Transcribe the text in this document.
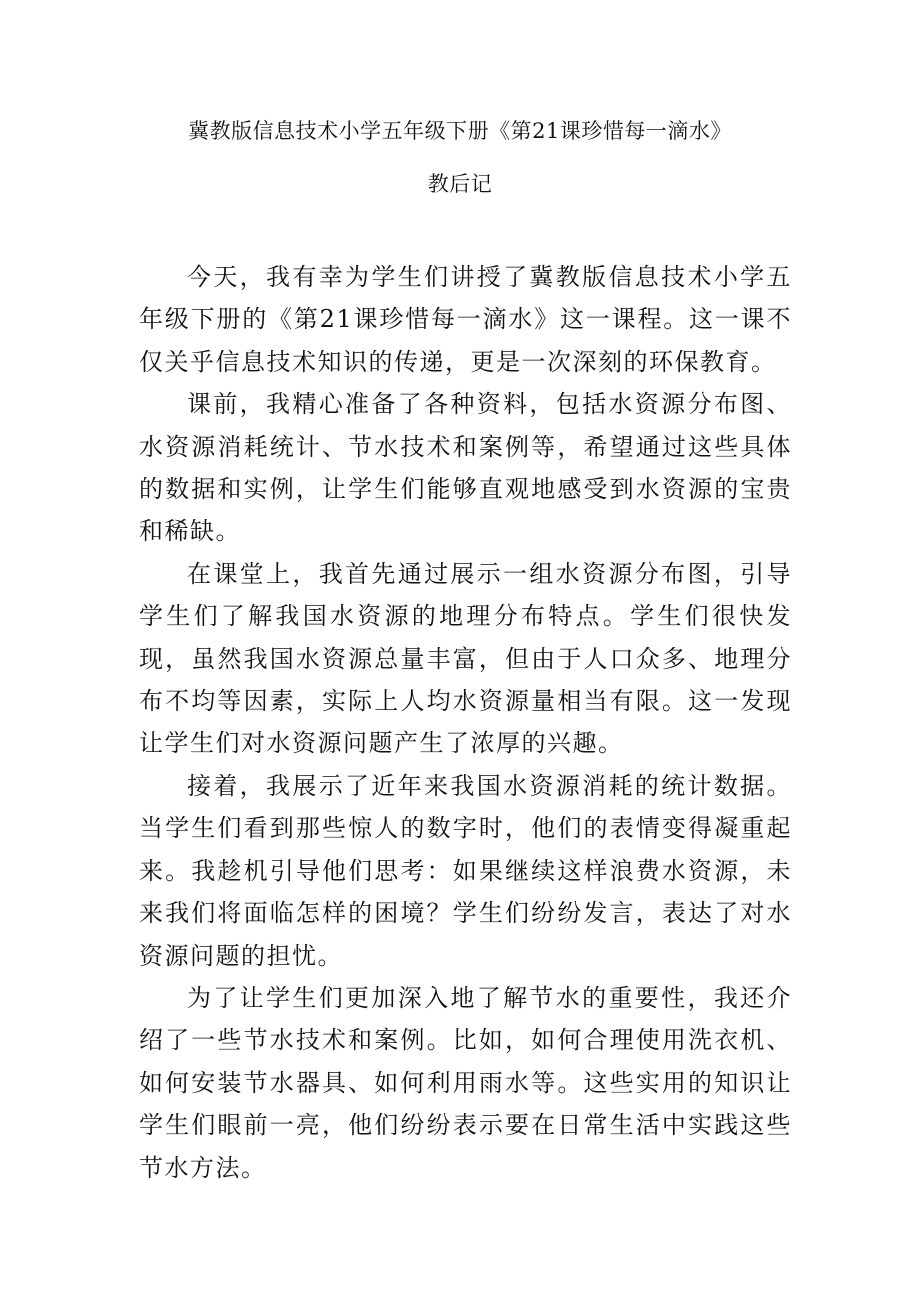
冀教版信息技术小学五年级下册《第21课珍惜每一滴水》
教后记

今天，我有幸为学生们讲授了冀教版信息技术小学五年级下册的《第21课珍惜每一滴水》这一课程。这一课不仅关乎信息技术知识的传递，更是一次深刻的环保教育。

课前，我精心准备了各种资料，包括水资源分布图、水资源消耗统计、节水技术和案例等，希望通过这些具体的数据和实例，让学生们能够直观地感受到水资源的宝贵和稀缺。

在课堂上，我首先通过展示一组水资源分布图，引导学生们了解我国水资源的地理分布特点。学生们很快发现，虽然我国水资源总量丰富，但由于人口众多、地理分布不均等因素，实际上人均水资源量相当有限。这一发现让学生们对水资源问题产生了浓厚的兴趣。

接着，我展示了近年来我国水资源消耗的统计数据。当学生们看到那些惊人的数字时，他们的表情变得凝重起来。我趁机引导他们思考：如果继续这样浪费水资源，未来我们将面临怎样的困境？学生们纷纷发言，表达了对水资源问题的担忧。

为了让学生们更加深入地了解节水的重要性，我还介绍了一些节水技术和案例。比如，如何合理使用洗衣机、如何安装节水器具、如何利用雨水等。这些实用的知识让学生们眼前一亮，他们纷纷表示要在日常生活中实践这些节水方法。
